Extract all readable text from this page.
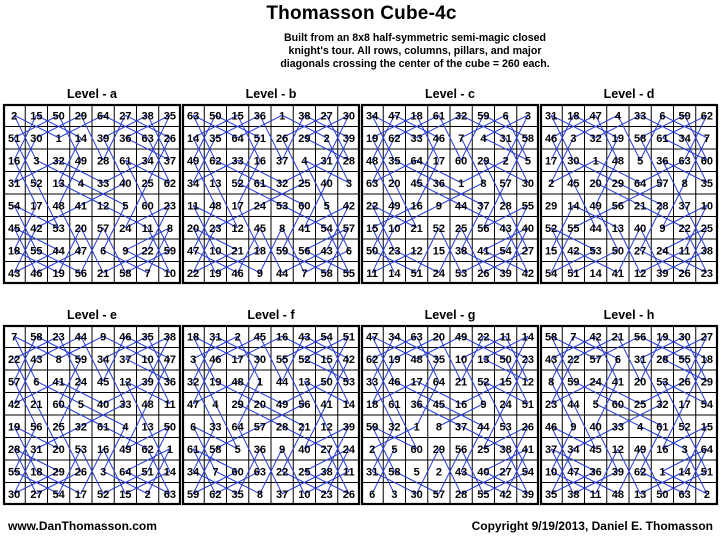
Thomasson Cube-4c
Built from an 8x8 half-symmetric semi-magic closed
knight's tour. All rows, columns, pillars, and major
diagonals crossing the center of the cube = 260 each.
Level - a
2 15 50 29 64 27 38 35
51 30 1 14 39 36 63 26
16 3 32 49 28 61 34 37
31 52 13 4 33 40 25 62
54 17 48 41 12 5 60 23
45 42 53 20 57 24 11 8
18 55 44 47 6 9 22 59
43 46 19 56 21 58 7 10
Level - b
63 50 15 36 1 38 27 30
14 35 64 51 26 29 2 39
49 62 33 16 37 4 31 28
34 13 52 61 32 25 40 3
11 48 17 24 53 60 5 42
20 23 12 45 8 41 54 57
47 10 21 18 59 56 43 6
22 19 46 9 44 7 58 55
Level - c
34 47 18 61 32 59 6 3
19 62 33 46 7 4 31 58
48 35 64 17 60 29 2 5
63 20 45 36 1 8 57 30
22 49 16 9 44 37 28 55
15 10 21 52 25 56 43 40
50 23 12 15 38 41 54 27
11 14 51 24 53 26 39 42
Level - d
31 18 47 4 33 6 59 62
46 3 32 19 58 61 34 7
17 30 1 48 5 36 63 60
2 45 20 29 64 57 8 35
29 14 49 56 21 28 37 10
52 55 44 13 40 9 22 25
15 42 53 50 27 24 11 38
54 51 14 41 12 39 26 23
Level - e
7 58 23 44 9 46 35 38
22 43 8 59 34 37 10 47
57 6 41 24 45 12 39 36
42 21 60 5 40 33 48 11
19 56 25 32 61 4 13 50
28 31 20 53 16 49 62 1
55 18 29 26 3 64 51 14
30 27 54 17 52 15 2 63
Level - f
18 31 2 45 16 43 54 51
3 46 17 30 55 52 15 42
32 19 48 1 44 13 50 53
47 4 29 20 49 56 41 14
6 33 64 57 28 21 12 39
61 58 5 36 9 40 27 24
34 7 60 63 22 25 38 11
59 62 35 8 37 10 23 26
Level - g
47 34 63 20 49 22 11 14
62 19 48 35 10 13 50 23
33 46 17 64 21 52 15 12
18 61 36 45 16 9 24 51
59 32 1 8 37 44 53 26
2 5 60 29 56 25 38 41
31 58 5 2 43 40 27 54
6 3 30 57 28 55 42 39
Level - h
58 7 42 21 56 19 30 27
43 22 57 6 31 28 55 18
8 59 24 41 20 53 26 29
23 44 5 60 25 32 17 54
46 9 40 33 4 61 52 15
37 34 45 12 49 16 3 64
10 47 36 39 62 1 14 51
35 38 11 48 13 50 63 2
www.DanThomasson.com	Copyright 9/19/2013, Daniel E. Thomasson
